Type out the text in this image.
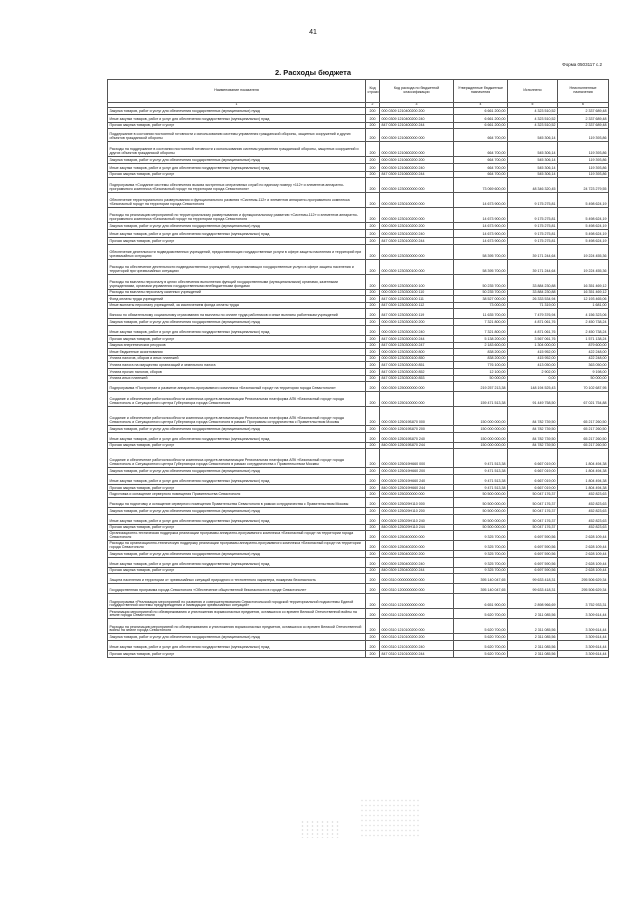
41
Форма 0503117 с.2
2. Расходы бюджета
Наименование показателя	Код строки	Код расхода по бюджетной классификации	Утвержденные бюджетные назначения	Исполнено	Неисполненные назначения
1	2	3	4	5	6
Закупка товаров, работ и услуг для обеспечения государственных (муниципальных) нужд	200	000 0309 1210400200 200	6 661 200,00	4 323 510,52	2 337 689,48
Иные закупки товаров, работ и услуг для обеспечения государственных (муниципальных) нужд	200	000 0309 1210400200 240	6 661 200,00	4 323 510,52	2 337 689,48
Прочая закупка товаров, работ и услуг	200	847 0309 1210400200 244	6 661 200,00	4 323 510,52	2 337 689,48
Поддержание в состоянии постоянной готовности к использованию системы управления гражданской обороны, защитных сооружений и других объектов гражданской обороны	200	000 0309 1210600000 000	664 700,00	545 306,14	119 393,86
Расходы на поддержание в состоянии постоянной готовности к использованию системы управления гражданской обороны, защитных сооружений и других объектов гражданской обороны	200	000 0309 1210600200 000	664 700,00	545 306,14	119 393,86
Закупка товаров, работ и услуг для обеспечения государственных (муниципальных) нужд	200	000 0309 1210600200 200	664 700,00	545 306,14	119 393,86
Иные закупки товаров, работ и услуг для обеспечения государственных (муниципальных) нужд	200	000 0309 1210600200 240	664 700,00	545 306,14	119 393,86
Прочая закупка товаров, работ и услуг	200	847 0309 1210600200 244	664 700,00	545 306,14	119 393,86
Подпрограмма «Создание системы обеспечения вызова экстренных оперативных служб по единому номеру «112» и элементов аппаратно-программного комплекса «Безопасный город» на территории города Севастополя»	200	000 0309 1230000000 000	73 069 600,00	48 346 320,45	24 723 279,55
Обеспечение территориального развертывания и функционального развития «Системы-112» и элементов аппаратно-программного комплекса «Безопасный город» на территории города Севастополя	200	000 0309 1230100000 000	14 673 900,00	9 175 275,81	5 498 624,19
Расходы на реализацию мероприятий по территориальному развертыванию и функциональному развитию «Системы-112» и элементов аппаратно-программного комплекса «Безопасный город» на территории города Севастополя	200	000 0309 1230100200 000	14 673 900,00	9 175 275,81	5 498 624,19
Закупка товаров, работ и услуг для обеспечения государственных (муниципальных) нужд	200	000 0309 1230100200 200	14 673 900,00	9 175 275,81	5 498 624,19
Иные закупки товаров, работ и услуг для обеспечения государственных (муниципальных) нужд	200	000 0309 1230100200 240	14 673 900,00	9 175 275,81	5 498 624,19
Прочая закупка товаров, работ и услуг	200	847 0309 1230100200 244	14 673 900,00	9 175 275,81	5 498 624,19
Обеспечение деятельности подведомственных учреждений, предоставляющих государственные услуги в сфере защиты населения и территорий при чрезвычайных ситуациях	200	000 0309 1230300000 000	58 395 700,00	39 171 244,64	19 224 455,36
Расходы на обеспечение деятельности подведомственных учреждений, предоставляющих государственные услуги в сфере защиты населения и территорий при чрезвычайных ситуациях	200	000 0309 1230300100 000	58 395 700,00	39 171 244,64	19 224 455,36
Расходы на выплаты персоналу в целях обеспечения выполнения функций государственными (муниципальными) органами, казенными учреждениями, органами управления государственными внебюджетными фондами	200	000 0309 1230300100 100	50 235 700,00	33 884 230,88	16 351 469,12
Расходы на выплаты персоналу казенных учреждений	200	000 0309 1230300100 110	50 235 700,00	33 884 230,88	16 351 469,12
Фонд оплаты труда учреждений	200	847 0309 1230300100 111	38 527 000,00	26 333 534,94	12 193 465,06
Иные выплаты персоналу учреждений, за исключением фонда оплаты труда	200	847 0309 1230300100 112	73 000,00	71 319,00	1 681,00
Взносы по обязательному социальному страхованию на выплаты по оплате труда работников и иные выплаты работникам учреждений	200	847 0309 1230300100 119	11 635 700,00	7 479 376,94	4 156 323,06
Закупка товаров, работ и услуг для обеспечения государственных (муниципальных) нужд	200	000 0309 1230300100 200	7 321 800,00	4 871 061,76	2 450 738,24
Иные закупки товаров, работ и услуг для обеспечения государственных (муниципальных) нужд	200	000 0309 1230300100 240	7 321 800,00	4 871 061,76	2 450 738,24
Прочая закупка товаров, работ и услуг	200	847 0309 1230300100 244	5 138 200,00	3 567 061,76	1 571 138,24
Закупка энергетических ресурсов	200	847 0309 1230300100 247	2 183 600,00	1 304 000,00	879 600,00
Иные бюджетные ассигнования	200	000 0309 1230300100 800	838 200,00	415 952,00	422 248,00
Уплата налогов, сборов и иных платежей	200	000 0309 1230300100 850	838 200,00	415 952,00	422 248,00
Уплата налога на имущество организаций и земельного налога	200	847 0309 1230300100 851	776 100,00	413 050,00	363 050,00
Уплата прочих налогов, сборов	200	847 0309 1230300100 852	12 100,00	2 902,00	9 198,00
Уплата иных платежей	200	847 0309 1230300100 853	50 000,00	0,00	50 000,00
Подпрограмма «Построение и развитие аппаратно-программного комплекса «Безопасный город» на территории города Севастополя»	200	000 0309 1250000000 000	219 257 213,38	148 194 525,43	70 102 687,95
Создание и обеспечение работоспособности комплекса средств автоматизации Региональная платформа АПК «Безопасный город» города Севастополь и Ситуационного центра Губернатора города Севастополя	200	000 0309 1250100000 000	159 471 513,38	91 449 758,50	67 021 754,88
Создание и обеспечение работоспособности комплекса средств автоматизации Региональная платформа АПК «Безопасный город» города Севастополь и Ситуационного центра Губернатора города Севастополя в рамках Программы сотрудничества с Правительством Москвы	200	000 0309 125019Б870 000	150 000 000,00	84 782 739,50	65 217 260,50
Закупка товаров, работ и услуг для обеспечения государственных (муниципальных) нужд	200	000 0309 125019Б870 200	150 000 000,00	84 782 739,50	65 217 260,50
Иные закупки товаров, работ и услуг для обеспечения государственных (муниципальных) нужд	200	000 0309 125019Б870 240	150 000 000,00	84 782 739,50	65 217 260,50
Прочая закупка товаров, работ и услуг	200	840 0309 125019Б870 244	150 000 000,00	84 782 739,50	65 217 260,50
Создание и обеспечение работоспособности комплекса средств автоматизации Региональная платформа АПК «Безопасный город» города Севастополь и Ситуационного центра Губернатора города Севастополя в рамках сотрудничества с Правительством Москвы	200	000 0309 125019Н660 000	9 471 513,38	6 667 019,00	1 804 494,38
Закупка товаров, работ и услуг для обеспечения государственных (муниципальных) нужд	200	000 0309 125019Н660 200	9 471 513,38	6 667 019,00	1 804 494,38
Иные закупки товаров, работ и услуг для обеспечения государственных (муниципальных) нужд	200	000 0309 125019Н660 240	9 471 513,38	6 667 019,00	1 804 494,38
Прочая закупка товаров, работ и услуг	200	840 0309 125019Н660 244	9 471 513,38	6 667 019,00	1 804 494,38
Подготовка и оснащение серверного помещения Правительства Севастополя	200	000 0309 1250200000 000	50 500 000,00	50 047 176,37	452 823,63
Расходы на подготовку и оснащение серверного помещения Правительства Севастополя в рамках сотрудничества с Правительством Москвы	200	000 0309 125029Н110 000	50 500 000,00	50 047 176,37	452 823,63
Закупка товаров, работ и услуг для обеспечения государственных (муниципальных) нужд	200	000 0309 125029Н110 200	50 500 000,00	50 047 176,37	452 823,63
Иные закупки товаров, работ и услуг для обеспечения государственных (муниципальных) нужд	200	000 0309 125029Н110 240	50 500 000,00	50 047 176,37	452 823,63
Прочая закупка товаров, работ и услуг	200	840 0309 125029Н110 244	50 500 000,00	50 047 176,37	452 823,63
Организационно-техническая поддержка реализации программы аппаратно-программного комплекса «Безопасный город» на территории города Севастополя	200	000 0309 1250400000 000	9 325 700,00	6 697 590,56	2 628 109,44
Расходы на организационно-техническую поддержку реализации программы аппаратно-программного комплекса «Безопасный город» на территории города Севастополя	200	000 0309 1250400200 000	9 325 700,00	6 697 590,56	2 628 109,44
Закупка товаров, работ и услуг для обеспечения государственных (муниципальных) нужд	200	000 0309 1250400200 200	9 325 700,00	6 697 590,56	2 628 109,44
Иные закупки товаров, работ и услуг для обеспечения государственных (муниципальных) нужд	200	000 0309 1250400200 240	9 325 700,00	6 697 590,56	2 628 109,44
Прочая закупка товаров, работ и услуг	200	840 0309 1250400200 244	9 325 700,00	6 697 590,56	2 628 109,44
Защита населения и территории от чрезвычайных ситуаций природного и техногенного характера, пожарная безопасность	200	000 0310 0000000000 000	395 140 047,65	99 633 418,31	295 506 629,34
Государственная программа города Севастополя «Обеспечение общественной безопасности в городе Севастополе»	200	000 0310 1200000000 000	395 140 047,65	99 633 418,31	295 506 629,34
Подпрограмма «Реализация мероприятий по развитию и совершенствованию Севастопольской городской территориальной подсистемы Единой государственной системы предупреждения и ликвидации чрезвычайных ситуаций»	200	000 0310 1210000000 000	6 651 900,00	2 898 966,69	3 752 933,31
Реализация мероприятий по обезвреживанию и уничтожению взрывоопасных предметов, оставшихся со времен Великой Отечественной войны на земле города Севастополя	200	000 0310 1210100000 000	5 620 700,00	2 311 085,56	3 309 614,44
Расходы на реализацию мероприятий по обезвреживанию и уничтожению взрывоопасных предметов, оставшихся со времен Великой Отечественной войны на земле города Севастополя	200	000 0310 1210100200 000	5 620 700,00	2 311 085,56	3 309 614,44
Закупка товаров, работ и услуг для обеспечения государственных (муниципальных) нужд	200	000 0310 1210100200 200	5 620 700,00	2 311 085,56	3 309 614,44
Иные закупки товаров, работ и услуг для обеспечения государственных (муниципальных) нужд	200	000 0310 1210100200 240	5 620 700,00	2 311 085,56	3 309 614,44
Прочая закупка товаров, работ и услуг	200	847 0310 1210100200 244	5 620 700,00	2 311 085,56	3 309 614,44
